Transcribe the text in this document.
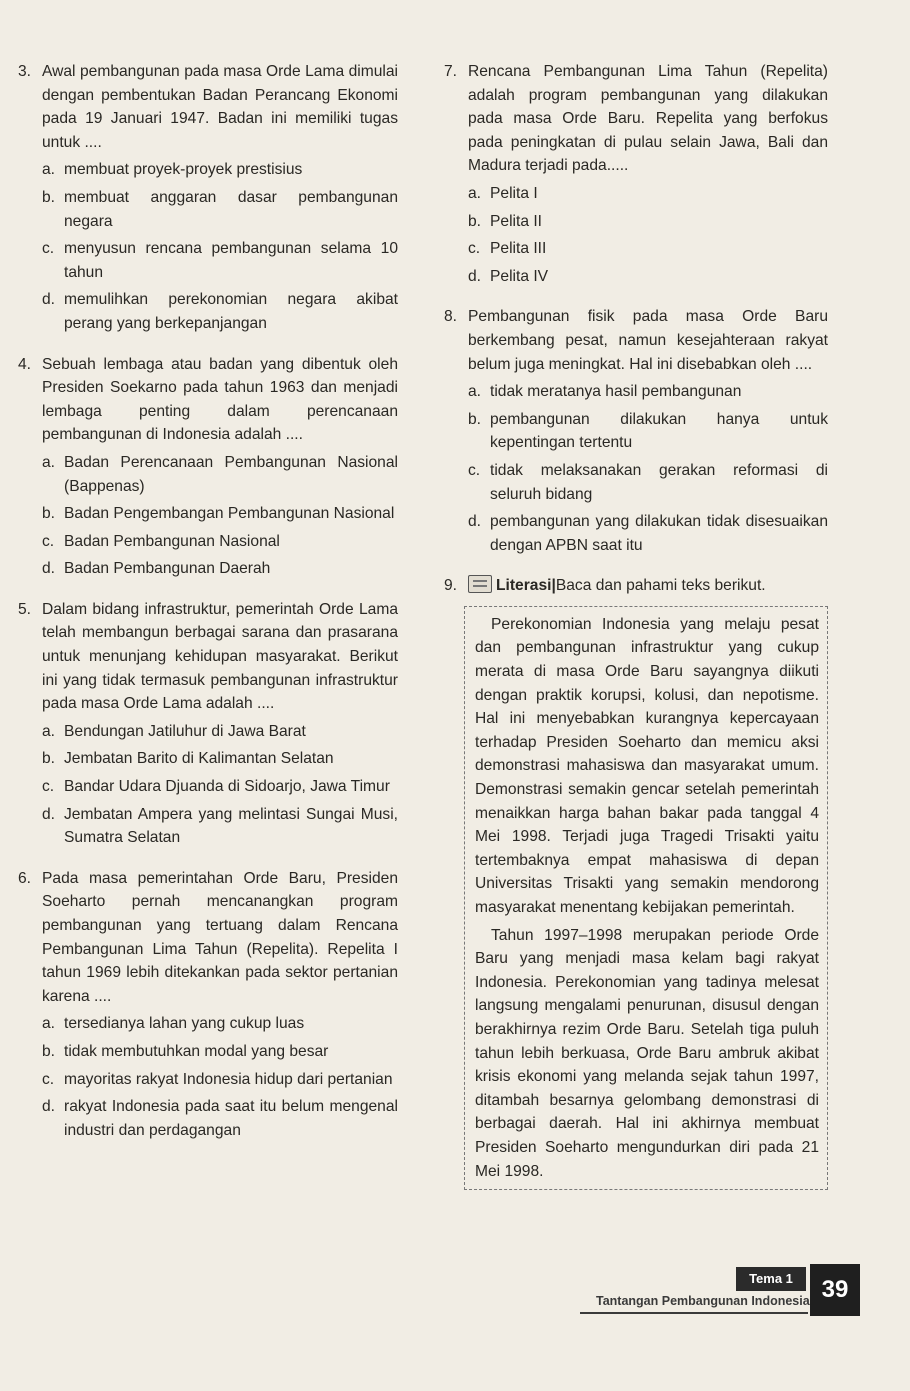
3. Awal pembangunan pada masa Orde Lama dimulai dengan pembentukan Badan Perancang Ekonomi pada 19 Januari 1947. Badan ini memiliki tugas untuk ....

a. membuat proyek-proyek prestisius
b. membuat anggaran dasar pembangunan negara
c. menyusun rencana pembangunan selama 10 tahun
d. memulihkan perekonomian negara akibat perang yang berkepanjangan
4. Sebuah lembaga atau badan yang dibentuk oleh Presiden Soekarno pada tahun 1963 dan menjadi lembaga penting dalam perencanaan pembangunan di Indonesia adalah ....

a. Badan Perencanaan Pembangunan Nasional (Bappenas)
b. Badan Pengembangan Pembangunan Nasional
c. Badan Pembangunan Nasional
d. Badan Pembangunan Daerah
5. Dalam bidang infrastruktur, pemerintah Orde Lama telah membangun berbagai sarana dan prasarana untuk menunjang kehidupan masyarakat. Berikut ini yang tidak termasuk pembangunan infrastruktur pada masa Orde Lama adalah ....

a. Bendungan Jatiluhur di Jawa Barat
b. Jembatan Barito di Kalimantan Selatan
c. Bandar Udara Djuanda di Sidoarjo, Jawa Timur
d. Jembatan Ampera yang melintasi Sungai Musi, Sumatra Selatan
6. Pada masa pemerintahan Orde Baru, Presiden Soeharto pernah mencanangkan program pembangunan yang tertuang dalam Rencana Pembangunan Lima Tahun (Repelita). Repelita I tahun 1969 lebih ditekankan pada sektor pertanian karena ....

a. tersedianya lahan yang cukup luas
b. tidak membutuhkan modal yang besar
c. mayoritas rakyat Indonesia hidup dari pertanian
d. rakyat Indonesia pada saat itu belum mengenal industri dan perdagangan
7. Rencana Pembangunan Lima Tahun (Repelita) adalah program pembangunan yang dilakukan pada masa Orde Baru. Repelita yang berfokus pada peningkatan di pulau selain Jawa, Bali dan Madura terjadi pada.....

a. Pelita I
b. Pelita II
c. Pelita III
d. Pelita IV
8. Pembangunan fisik pada masa Orde Baru berkembang pesat, namun kesejahteraan rakyat belum juga meningkat. Hal ini disebabkan oleh ....

a. tidak meratanya hasil pembangunan
b. pembangunan dilakukan hanya untuk kepentingan tertentu
c. tidak melaksanakan gerakan reformasi di seluruh bidang
d. pembangunan yang dilakukan tidak disesuaikan dengan APBN saat itu
9.	Literasi|Baca dan pahami teks berikut.

Perekonomian Indonesia yang melaju pesat dan pembangunan infrastruktur yang cukup merata di masa Orde Baru sayangnya diikuti dengan praktik korupsi, kolusi, dan nepotisme. Hal ini menyebabkan kurangnya kepercayaan terhadap Presiden Soeharto dan memicu aksi demonstrasi mahasiswa dan masyarakat umum. Demonstrasi semakin gencar setelah pemerintah menaikkan harga bahan bakar pada tanggal 4 Mei 1998. Terjadi juga Tragedi Trisakti yaitu tertembaknya empat mahasiswa di depan Universitas Trisakti yang semakin mendorong masyarakat menentang kebijakan pemerintah.

Tahun 1997–1998 merupakan periode Orde Baru yang menjadi masa kelam bagi rakyat Indonesia. Perekonomian yang tadinya melesat langsung mengalami penurunan, disusul dengan berakhirnya rezim Orde Baru. Setelah tiga puluh tahun lebih berkuasa, Orde Baru ambruk akibat krisis ekonomi yang melanda sejak tahun 1997, ditambah besarnya gelombang demonstrasi di berbagai daerah. Hal ini akhirnya membuat Presiden Soeharto mengundurkan diri pada 21 Mei 1998.

Tema 1
Tantangan Pembangunan Indonesia 39
